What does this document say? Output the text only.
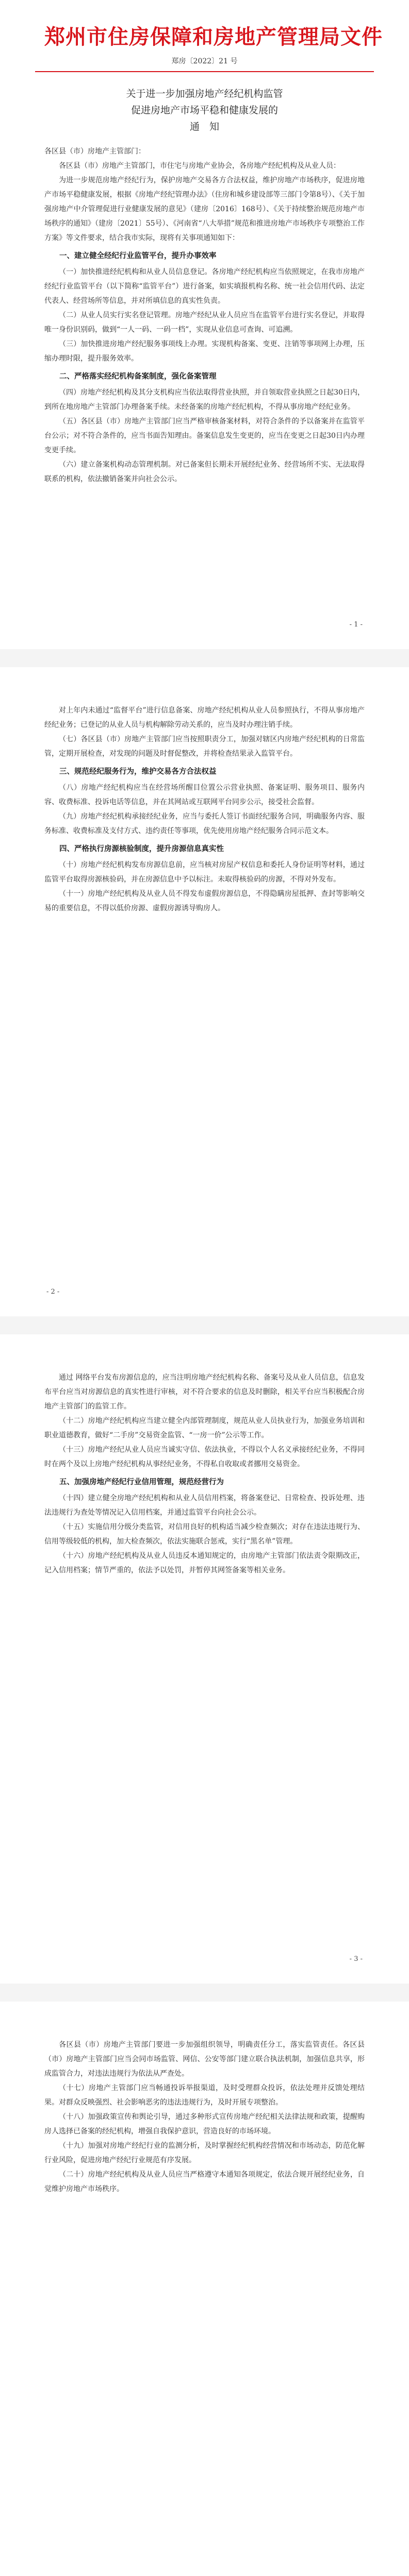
郑州市住房保障和房地产管理局文件
郑房〔2022〕21 号
关于进一步加强房地产经纪机构监管
促进房地产市场平稳和健康发展的
通　知
各区县（市）房地产主管部门：

各区县（市）房地产主管部门，市住宅与房地产业协会，各房地产经纪机构及从业人员：

为进一步规范房地产经纪行为，保护房地产交易各方合法权益，维护房地产市场秩序，促进房地产市场平稳健康发展，根据《房地产经纪管理办法》（住房和城乡建设部等三部门令第8号）、《关于加强房地产中介管理促进行业健康发展的意见》（建房〔2016〕168号）、《关于持续整治规范房地产市场秩序的通知》（建房〔2021〕55号）、《河南省“八大举措”规范和推进房地产市场秩序专项整治工作方案》等文件要求，结合我市实际，现将有关事项通知如下：

一、建立健全经纪行业监管平台，提升办事效率

（一）加快推进经纪机构和从业人员信息登记。各房地产经纪机构应当依照规定，在我市房地产经纪行业监管平台（以下简称“监管平台”）进行备案，如实填报机构名称、统一社会信用代码、法定代表人、经营场所等信息，并对所填信息的真实性负责。

（二）从业人员实行实名登记管理。房地产经纪从业人员应当在监管平台进行实名登记，并取得唯一身份识别码，做到“一人一码、一码一档”，实现从业信息可查询、可追溯。

（三）加快推进房地产经纪服务事项线上办理。实现机构备案、变更、注销等事项网上办理，压缩办理时限，提升服务效率。

二、严格落实经纪机构备案制度，强化备案管理

（四）房地产经纪机构及其分支机构应当依法取得营业执照，并自领取营业执照之日起30日内，到所在地房地产主管部门办理备案手续。未经备案的房地产经纪机构，不得从事房地产经纪业务。

（五）各区县（市）房地产主管部门应当严格审核备案材料，对符合条件的予以备案并在监管平台公示；对不符合条件的，应当书面告知理由。备案信息发生变更的，应当在变更之日起30日内办理变更手续。

（六）建立备案机构动态管理机制。对已备案但长期未开展经纪业务、经营场所不实、无法取得联系的机构，依法撤销备案并向社会公示。

- 1 -

对上年内未通过“监督平台”进行信息备案、房地产经纪机构从业人员参照执行，不得从事房地产经纪业务；已登记的从业人员与机构解除劳动关系的，应当及时办理注销手续。

（七）各区县（市）房地产主管部门应当按照职责分工，加强对辖区内房地产经纪机构的日常监管，定期开展检查，对发现的问题及时督促整改，并将检查结果录入监管平台。

三、规范经纪服务行为，维护交易各方合法权益

（八）房地产经纪机构应当在经营场所醒目位置公示营业执照、备案证明、服务项目、服务内容、收费标准、投诉电话等信息，并在其网站或互联网平台同步公示，接受社会监督。

（九）房地产经纪机构承接经纪业务，应当与委托人签订书面经纪服务合同，明确服务内容、服务标准、收费标准及支付方式、违约责任等事项，优先使用房地产经纪服务合同示范文本。

四、严格执行房源核验制度，提升房源信息真实性

（十）房地产经纪机构发布房源信息前，应当核对房屋产权信息和委托人身份证明等材料，通过监管平台取得房源核验码，并在房源信息中予以标注。未取得核验码的房源，不得对外发布。

（十一）房地产经纪机构及从业人员不得发布虚假房源信息，不得隐瞒房屋抵押、查封等影响交易的重要信息，不得以低价房源、虚假房源诱导购房人。

- 2 -

通过 网络平台发布房源信息的，应当注明房地产经纪机构名称、备案号及从业人员信息，信息发布平台应当对房源信息的真实性进行审核，对不符合要求的信息及时删除，相关平台应当积极配合房地产主管部门的监管工作。

（十二）房地产经纪机构应当建立健全内部管理制度，规范从业人员执业行为，加强业务培训和职业道德教育，做好“二手房”交易资金监管、“一房一价”公示等工作。

（十三）房地产经纪从业人员应当诚实守信、依法执业，不得以个人名义承接经纪业务，不得同时在两个及以上房地产经纪机构从事经纪业务，不得私自收取或者挪用交易资金。

五、加强房地产经纪行业信用管理，规范经营行为

（十四）建立健全房地产经纪机构和从业人员信用档案，将备案登记、日常检查、投诉处理、违法违规行为查处等情况记入信用档案，并通过监管平台向社会公示。

（十五）实施信用分级分类监管，对信用良好的机构适当减少检查频次；对存在违法违规行为、信用等级较低的机构，加大检查频次，依法实施联合惩戒，实行“黑名单”管理。

（十六）房地产经纪机构及从业人员违反本通知规定的，由房地产主管部门依法责令限期改正，记入信用档案；情节严重的，依法予以处罚，并暂停其网签备案等相关业务。

- 3 -

各区县（市）房地产主管部门要进一步加强组织领导，明确责任分工，落实监管责任。各区县（市）房地产主管部门应当会同市场监管、网信、公安等部门建立联合执法机制，加强信息共享，形成监管合力，对违法违规行为依法从严查处。

（十七）房地产主管部门应当畅通投诉举报渠道，及时受理群众投诉，依法处理并反馈处理结果。对群众反映强烈、社会影响恶劣的违法违规行为，及时开展专项整治。

（十八）加强政策宣传和舆论引导，通过多种形式宣传房地产经纪相关法律法规和政策，提醒购房人选择已备案的经纪机构，增强自我保护意识，营造良好的市场环境。

（十九）加强对房地产经纪行业的监测分析，及时掌握经纪机构经营情况和市场动态，防范化解行业风险，促进房地产经纪行业规范有序发展。

（二十）房地产经纪机构及从业人员应当严格遵守本通知各项规定，依法合规开展经纪业务，自觉维护房地产市场秩序。
